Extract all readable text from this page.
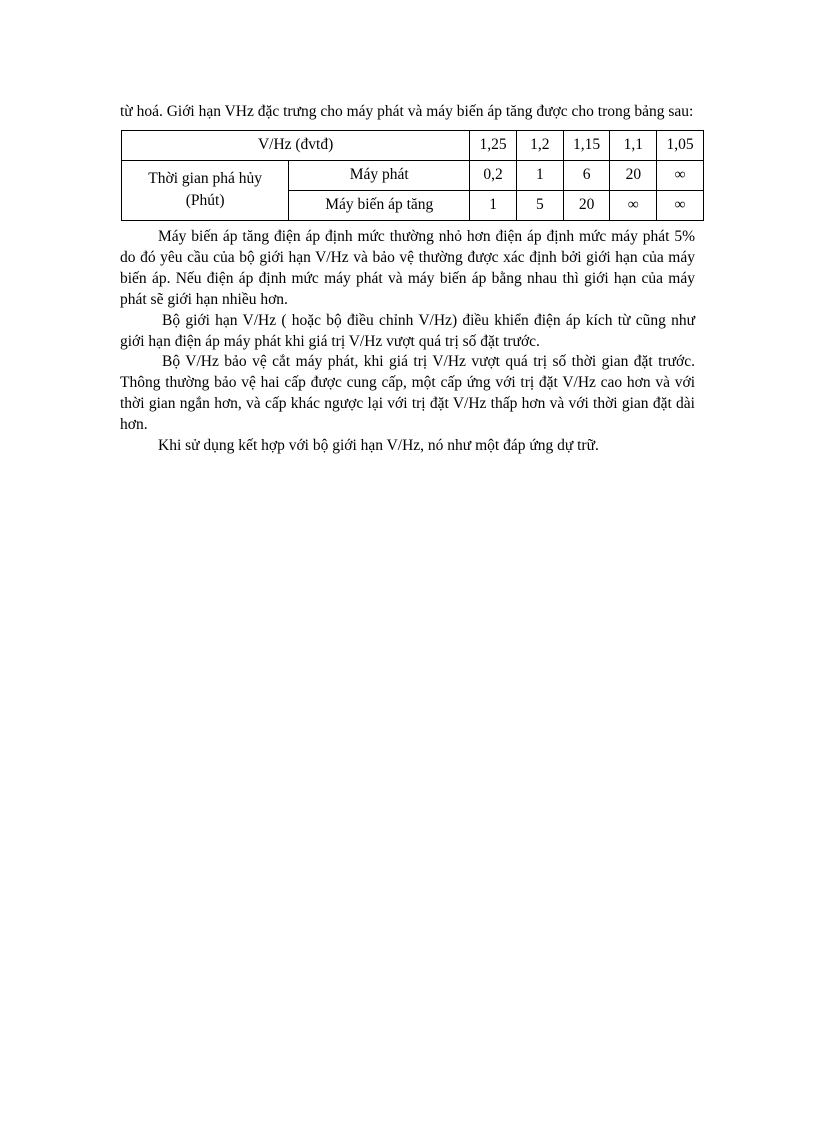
từ hoá. Giới hạn VHz đặc trưng cho máy phát và máy biến áp tăng được cho trong bảng sau:

V/Hz (đvtđ)		1,25	1,2	1,15	1,1	1,05
Thời gian phá hủy
(Phút)	Máy phát	0,2	1	6	20	∞
	Máy biến áp tăng	1	5	20	∞	∞

Máy biến áp tăng điện áp định mức thường nhỏ hơn điện áp định mức máy phát 5% do đó yêu cầu của bộ giới hạn V/Hz và bảo vệ thường được xác định bởi giới hạn của máy biến áp. Nếu điện áp định mức máy phát và máy biến áp bằng nhau thì giới hạn của máy phát sẽ giới hạn nhiều hơn.

Bộ giới hạn V/Hz ( hoặc bộ điều chỉnh V/Hz) điều khiển điện áp kích từ cũng như giới hạn điện áp máy phát khi giá trị V/Hz vượt quá trị số đặt trước.

Bộ V/Hz bảo vệ cắt máy phát, khi giá trị V/Hz vượt quá trị số thời gian đặt trước. Thông thường bảo vệ hai cấp được cung cấp, một cấp ứng với trị đặt V/Hz cao hơn và với thời gian ngắn hơn, và cấp khác ngược lại với trị đặt V/Hz thấp hơn và với thời gian đặt dài hơn.

Khi sử dụng kết hợp với bộ giới hạn V/Hz, nó như một đáp ứng dự trữ.
